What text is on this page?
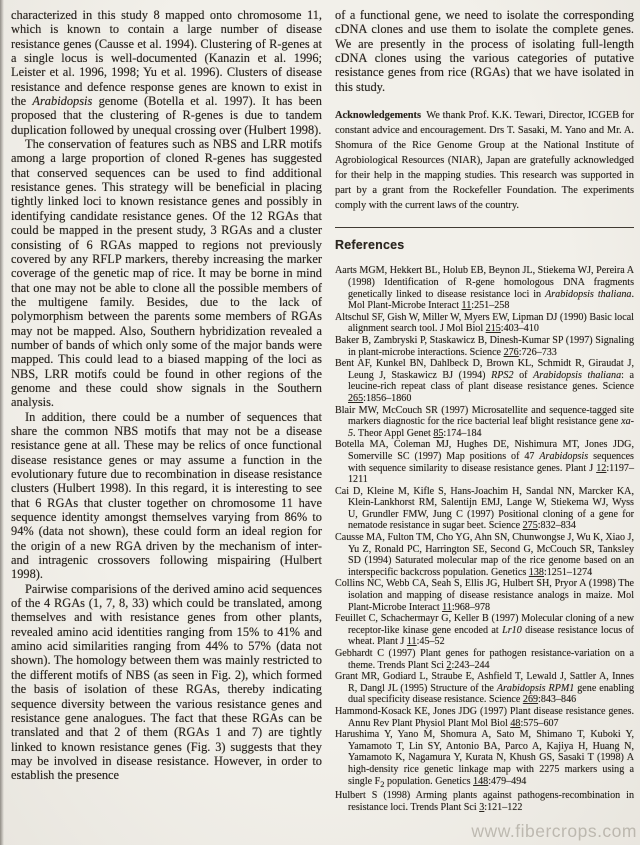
characterized in this study 8 mapped onto chromosome 11, which is known to contain a large number of disease resistance genes (Causse et al. 1994). Clustering of R-genes at a single locus is well-documented (Kanazin et al. 1996; Leister et al. 1996, 1998; Yu et al. 1996). Clusters of disease resistance and defence response genes are known to exist in the Arabidopsis genome (Botella et al. 1997). It has been proposed that the clustering of R-genes is due to tandem duplication followed by unequal crossing over (Hulbert 1998).

The conservation of features such as NBS and LRR motifs among a large proportion of cloned R-genes has suggested that conserved sequences can be used to find additional resistance genes. This strategy will be beneficial in placing tightly linked loci to known resistance genes and possibly in identifying candidate resistance genes. Of the 12 RGAs that could be mapped in the present study, 3 RGAs and a cluster consisting of 6 RGAs mapped to regions not previously covered by any RFLP markers, thereby increasing the marker coverage of the genetic map of rice. It may be borne in mind that one may not be able to clone all the possible members of the multigene family. Besides, due to the lack of polymorphism between the parents some members of RGAs may not be mapped. Also, Southern hybridization revealed a number of bands of which only some of the major bands were mapped. This could lead to a biased mapping of the loci as NBS, LRR motifs could be found in other regions of the genome and these could show signals in the Southern analysis.

In addition, there could be a number of sequences that share the common NBS motifs that may not be a disease resistance gene at all. These may be relics of once functional disease resistance genes or may assume a function in the evolutionary future due to recombination in disease resistance clusters (Hulbert 1998). In this regard, it is interesting to see that 6 RGAs that cluster together on chromosome 11 have sequence identity amongst themselves varying from 86% to 94% (data not shown), these could form an ideal region for the origin of a new RGA driven by the mechanism of inter- and intragenic crossovers following mispairing (Hulbert 1998).

Pairwise comparisions of the derived amino acid sequences of the 4 RGAs (1, 7, 8, 33) which could be translated, among themselves and with resistance genes from other plants, revealed amino acid identities ranging from 15% to 41% and amino acid similarities ranging from 44% to 57% (data not shown). The homology between them was mainly restricted to the different motifs of NBS (as seen in Fig. 2), which formed the basis of isolation of these RGAs, thereby indicating sequence diversity between the various resistance genes and resistance gene analogues. The fact that these RGAs can be translated and that 2 of them (RGAs 1 and 7) are tightly linked to known resistance genes (Fig. 3) suggests that they may be involved in disease resistance. However, in order to establish the presence

of a functional gene, we need to isolate the corresponding cDNA clones and use them to isolate the complete genes. We are presently in the process of isolating full-length cDNA clones using the various categories of putative resistance genes from rice (RGAs) that we have isolated in this study.

Acknowledgements  We thank Prof. K.K. Tewari, Director, ICGEB for constant advice and encouragement. Drs T. Sasaki, M. Yano and Mr. A. Shomura of the Rice Genome Group at the National Institute of Agrobiological Resources (NIAR), Japan are gratefully acknowledged for their help in the mapping studies. This research was supported in part by a grant from the Rockefeller Foundation. The experiments comply with the current laws of the country.

References

Aarts MGM, Hekkert BL, Holub EB, Beynon JL, Stiekema WJ, Pereira A (1998) Identification of R-gene homologous DNA fragments genetically linked to disease resistance loci in Arabidopsis thaliana. Mol Plant-Microbe Interact 11:251–258

Altschul SF, Gish W, Miller W, Myers EW, Lipman DJ (1990) Basic local alignment search tool. J Mol Biol 215:403–410

Baker B, Zambryski P, Staskawicz B, Dinesh-Kumar SP (1997) Signaling in plant-microbe interactions. Science 276:726–733

Bent AF, Kunkel BN, Dahlbeck D, Brown KL, Schmidt R, Giraudat J, Leung J, Staskawicz BJ (1994) RPS2 of Arabidopsis thaliana: a leucine-rich repeat class of plant disease resistance genes. Science 265:1856–1860

Blair MW, McCouch SR (1997) Microsatellite and sequence-tagged site markers diagnostic for the rice bacterial leaf blight resistance gene xa-5. Theor Appl Genet 85:174–184

Botella MA, Coleman MJ, Hughes DE, Nishimura MT, Jones JDG, Somerville SC (1997) Map positions of 47 Arabidopsis sequences with sequence similarity to disease resistance genes. Plant J 12:1197–1211

Cai D, Kleine M, Kifle S, Hans-Joachim H, Sandal NN, Marcker KA, Klein-Lankhorst RM, Salentijn EMJ, Lange W, Stiekema WJ, Wyss U, Grundler FMW, Jung C (1997) Positional cloning of a gene for nematode resistance in sugar beet. Science 275:832–834

Causse MA, Fulton TM, Cho YG, Ahn SN, Chunwongse J, Wu K, Xiao J, Yu Z, Ronald PC, Harrington SE, Second G, McCouch SR, Tanksley SD (1994) Saturated molecular map of the rice genome based on an interspecific backcross population. Genetics 138:1251–1274

Collins NC, Webb CA, Seah S, Ellis JG, Hulbert SH, Pryor A (1998) The isolation and mapping of disease resistance analogs in maize. Mol Plant-Microbe Interact 11:968–978

Feuillet C, Schachermayr G, Keller B (1997) Molecular cloning of a new receptor-like kinase gene encoded at Lr10 disease resistance locus of wheat. Plant J 11:45–52

Gebhardt C (1997) Plant genes for pathogen resistance-variation on a theme. Trends Plant Sci 2:243–244

Grant MR, Godiard L, Straube E, Ashfield T, Lewald J, Sattler A, Innes R, Dangl JL (1995) Structure of the Arabidopsis RPM1 gene enabling dual specificity disease resistance. Science 269:843–846

Hammond-Kosack KE, Jones JDG (1997) Plant disease resistance genes. Annu Rev Plant Physiol Plant Mol Biol 48:575–607

Harushima Y, Yano M, Shomura A, Sato M, Shimano T, Kuboki Y, Yamamoto T, Lin SY, Antonio BA, Parco A, Kajiya H, Huang N, Yamamoto K, Nagamura Y, Kurata N, Khush GS, Sasaki T (1998) A high-density rice genetic linkage map with 2275 markers using a single $F_2$ population. Genetics 148:479–494

Hulbert S (1998) Arming plants against pathogens-recombination in resistance loci. Trends Plant Sci 3:121–122

www.fibercrops.com
